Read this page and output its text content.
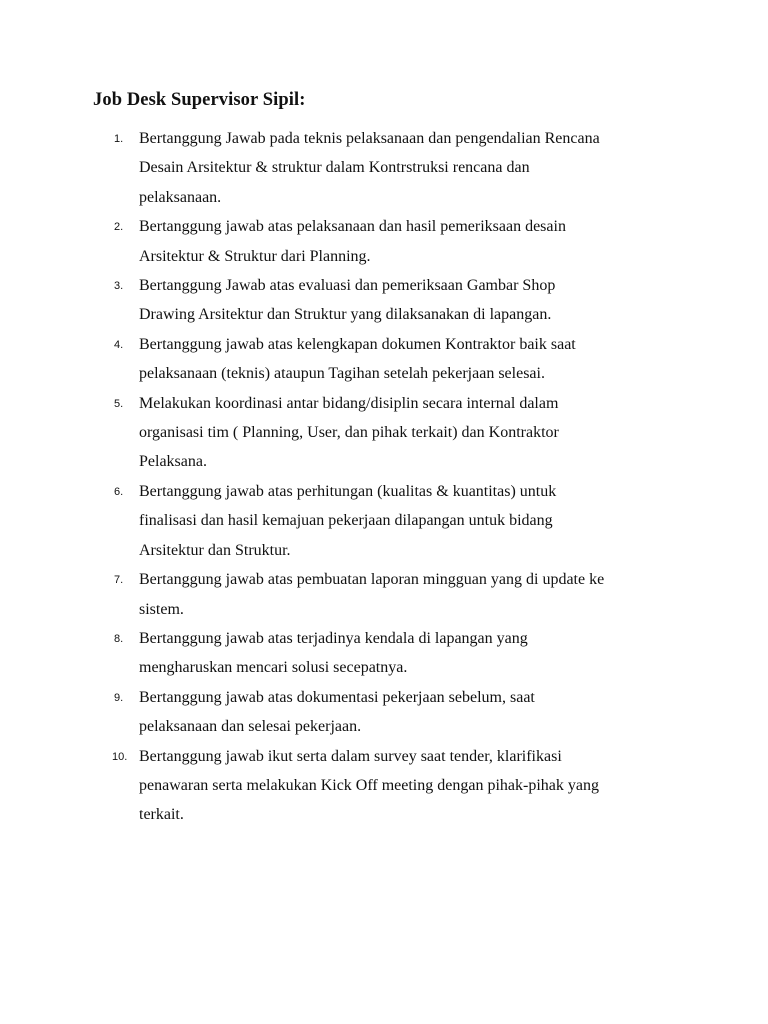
Job Desk Supervisor Sipil:
1. Bertanggung Jawab pada teknis pelaksanaan dan pengendalian Rencana
Desain Arsitektur & struktur dalam Kontrstruksi rencana dan
pelaksanaan.
2. Bertanggung jawab atas pelaksanaan dan hasil pemeriksaan desain
Arsitektur & Struktur dari Planning.
3. Bertanggung Jawab atas evaluasi dan pemeriksaan Gambar Shop
Drawing Arsitektur dan Struktur yang dilaksanakan di lapangan.
4. Bertanggung jawab atas kelengkapan dokumen Kontraktor baik saat
pelaksanaan (teknis) ataupun Tagihan setelah pekerjaan selesai.
5. Melakukan koordinasi antar bidang/disiplin secara internal dalam
organisasi tim ( Planning, User, dan pihak terkait) dan Kontraktor
Pelaksana.
6. Bertanggung jawab atas perhitungan (kualitas & kuantitas) untuk
finalisasi dan hasil kemajuan pekerjaan dilapangan untuk bidang
Arsitektur dan Struktur.
7. Bertanggung jawab atas pembuatan laporan mingguan yang di update ke
sistem.
8. Bertanggung jawab atas terjadinya kendala di lapangan yang
mengharuskan mencari solusi secepatnya.
9. Bertanggung jawab atas dokumentasi pekerjaan sebelum, saat
pelaksanaan dan selesai pekerjaan.
10. Bertanggung jawab ikut serta dalam survey saat tender, klarifikasi
penawaran serta melakukan Kick Off meeting dengan pihak-pihak yang
terkait.
